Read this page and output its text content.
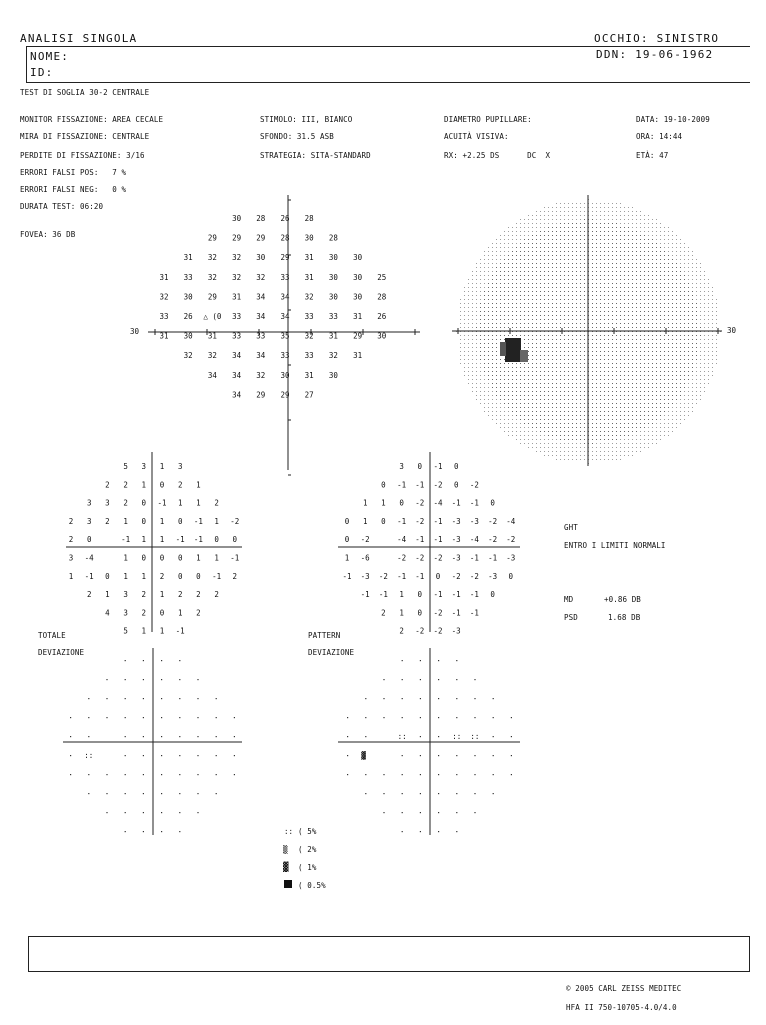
ANALISI SINGOLA	OCCHIO: SINISTRO
NOME:
ID:
DDN: 19-06-1962
TEST DI SOGLIA 30-2 CENTRALE
MONITOR FISSAZIONE: AREA CECALE
MIRA DI FISSAZIONE: CENTRALE
PERDITE DI FISSAZIONE: 3/16
ERRORI FALSI POS:   7 %
ERRORI FALSI NEG:   0 %
DURATA TEST: 06:20
FOVEA: 36 DB
STIMOLO: III, BIANCO
SFONDO: 31.5 ASB
STRATEGIA: SITA-STANDARD
DIAMETRO PUPILLARE:
ACUITÀ VISIVA:
RX: +2.25 DS      DC  X
DATA: 19-10-2009
ORA: 14:44
ETÀ: 47
30
30 28 26 28
29 29 29 28 30 28
31 32 32 30 29 31 30 30
31 33 32 32 32 33 31 30 30 25
32 30 29 31 34 34 32 30 30 28
33 26 △ (0 33 34 34 33 33 31 26
31 30 31 33 33 35 32 31 29 30
32 32 34 34 33 33 32 31
34 34 32 30 31 30
34 29 29 27
30
5 3 1 3
2 2 1 0 2 1
3 3 2 0 -1 1 1 2
2 3 2 1 0 1 0 -1 1 -2
2 0	-1 1 1 -1 -1 0 0
3 -4	1 0 0 0 1 1 -1
1 -1 0 1 1 2 0 0 -1 2
2 1 3 2 1 2 2 2
4 3 2 0 1 2
5 1 1 -1
3 0 -1 0
0 -1 -1 -2 0 -2
1 1 0 -2 -4 -1 -1 0
0 1 0 -1 -2 -1 -3 -3 -2 -4
0 -2	-4 -1 -1 -3 -4 -2 -2
1 -6	-2 -2 -2 -3 -1 -1 -3
-1 -3 -2 -1 -1 0 -2 -2 -3 0
-1 -1 1 0 -1 -1 -1 0
2 1 0 -2 -1 -1
2 -2 -2 -3
::
::	:: ::
▓
::
▒
▓
TOTALE
DEVIAZIONE
PATTERN
DEVIAZIONE
GHT
ENTRO I LIMITI NORMALI
MD	+0.86 DB
PSD	1.68 DB
( 5%
( 2%
( 1%
( 0.5%
© 2005 CARL ZEISS MEDITEC
HFA II 750-10705-4.0/4.0
